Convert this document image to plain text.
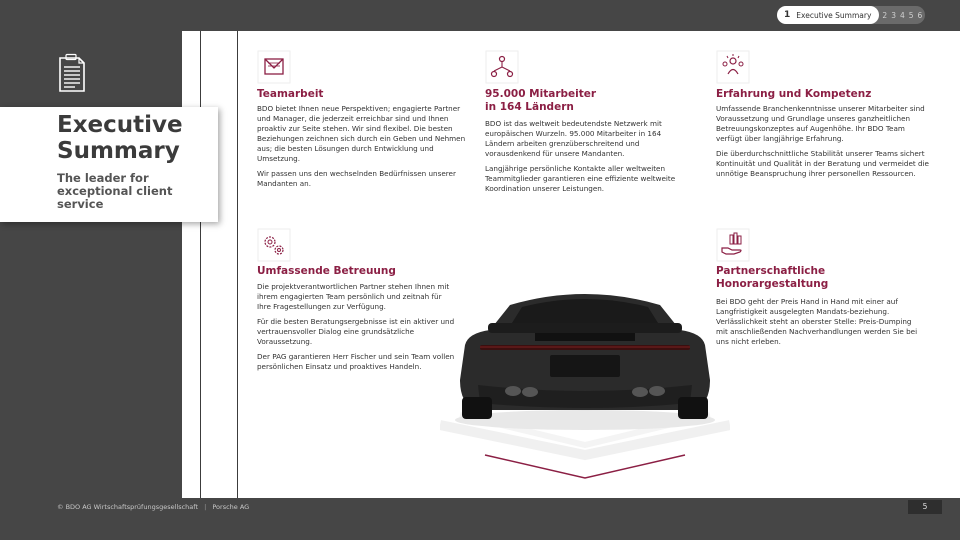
1 Executive Summary 2 3 4 5 6
Executive Summary
The leader for exceptional client service
Teamarbeit

BDO bietet Ihnen neue Perspektiven; engagierte Partner und Manager, die jederzeit erreichbar sind und Ihnen proaktiv zur Seite stehen. Wir sind flexibel. Die besten Beziehungen zeichnen sich durch ein Geben und Nehmen aus; die besten Lösungen durch Entwicklung und Umsetzung.

Wir passen uns den wechselnden Bedürfnissen unserer Mandanten an.

95.000 Mitarbeiter
in 164 Ländern

BDO ist das weltweit bedeutendste Netzwerk mit europäischen Wurzeln. 95.000 Mitarbeiter in 164 Ländern arbeiten grenzüberschreitend und vorausdenkend für unsere Mandanten.

Langjährige persönliche Kontakte aller weltweiten Teammitglieder garantieren eine effiziente weltweite Koordination unserer Leistungen.

Erfahrung und Kompetenz

Umfassende Branchenkenntnisse unserer Mitarbeiter sind Voraussetzung und Grundlage unseres ganzheitlichen Betreuungskonzeptes auf Augenhöhe. Ihr BDO Team verfügt über langjährige Erfahrung.

Die überdurchschnittliche Stabilität unserer Teams sichert Kontinuität und Qualität in der Beratung und vermeidet die unnötige Beanspruchung ihrer personellen Ressourcen.

Umfassende Betreuung

Die projektverantwortlichen Partner stehen Ihnen mit ihrem engagierten Team persönlich und zeitnah für Ihre Fragestellungen zur Verfügung.

Für die besten Beratungsergebnisse ist ein aktiver und vertrauensvoller Dialog eine grundsätzliche Voraussetzung.

Der PAG garantieren Herr Fischer und sein Team vollen persönlichen Einsatz und proaktives Handeln.

Partnerschaftliche
Honorargestaltung

Bei BDO geht der Preis Hand in Hand mit einer auf Langfristigkeit ausgelegten Mandats-beziehung. Verlässlichkeit steht an oberster Stelle: Preis-Dumping mit anschließenden Nachverhandlungen werden Sie bei uns nicht erleben.

© BDO AG Wirtschaftsprüfungsgesellschaft | Porsche AG	5
